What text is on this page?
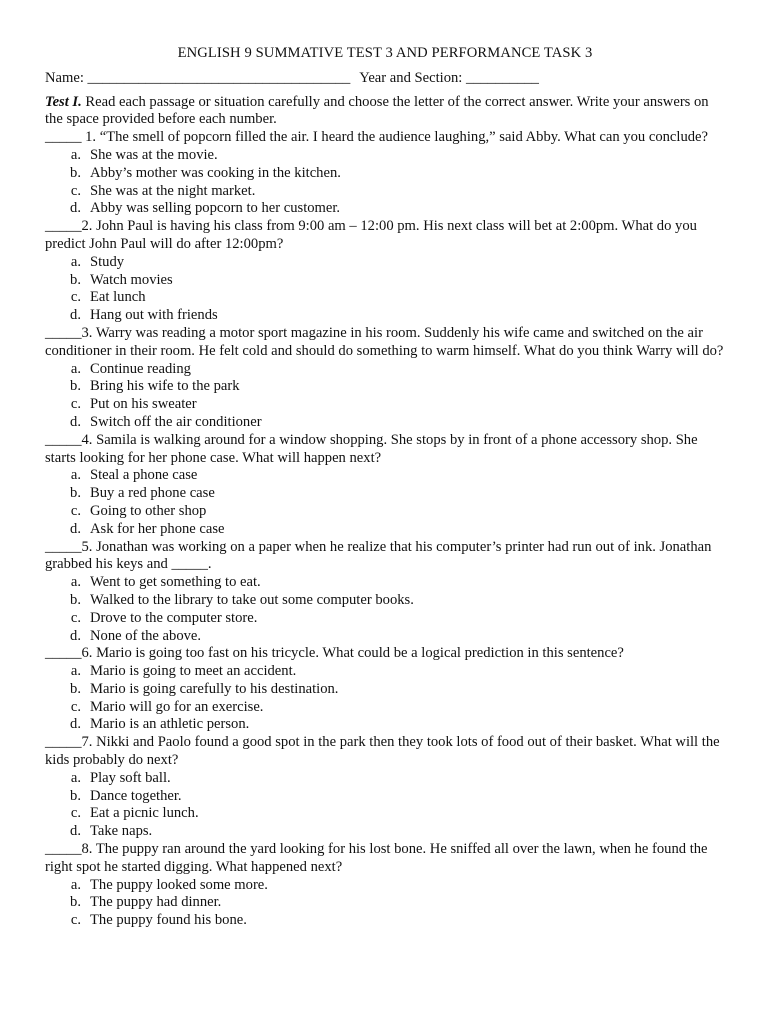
ENGLISH 9 SUMMATIVE TEST 3 AND PERFORMANCE TASK 3
Name: ____________________________________ Year and Section: __________
Test I. Read each passage or situation carefully and choose the letter of the correct answer. Write your answers on the space provided before each number.
_____ 1. “The smell of popcorn filled the air. I heard the audience laughing,” said Abby. What can you conclude?
a. She was at the movie.
b. Abby’s mother was cooking in the kitchen.
c. She was at the night market.
d. Abby was selling popcorn to her customer.
_____2. John Paul is having his class from 9:00 am – 12:00 pm. His next class will bet at 2:00pm. What do you predict John Paul will do after 12:00pm?
a. Study
b. Watch movies
c. Eat lunch
d. Hang out with friends
_____3. Warry was reading a motor sport magazine in his room. Suddenly his wife came and switched on the air conditioner in their room. He felt cold and should do something to warm himself. What do you think Warry will do?
a. Continue reading
b. Bring his wife to the park
c. Put on his sweater
d. Switch off the air conditioner
_____4. Samila is walking around for a window shopping. She stops by in front of a phone accessory shop. She starts looking for her phone case. What will happen next?
a. Steal a phone case
b. Buy a red phone case
c. Going to other shop
d. Ask for her phone case
_____5. Jonathan was working on a paper when he realize that his computer’s printer had run out of ink. Jonathan grabbed his keys and _____.
a. Went to get something to eat.
b. Walked to the library to take out some computer books.
c. Drove to the computer store.
d. None of the above.
_____6. Mario is going too fast on his tricycle. What could be a logical prediction in this sentence?
a. Mario is going to meet an accident.
b. Mario is going carefully to his destination.
c. Mario will go for an exercise.
d. Mario is an athletic person.
_____7. Nikki and Paolo found a good spot in the park then they took lots of food out of their basket. What will the kids probably do next?
a. Play soft ball.
b. Dance together.
c. Eat a picnic lunch.
d. Take naps.
_____8. The puppy ran around the yard looking for his lost bone. He sniffed all over the lawn, when he found the right spot he started digging. What happened next?
a. The puppy looked some more.
b. The puppy had dinner.
c. The puppy found his bone.
